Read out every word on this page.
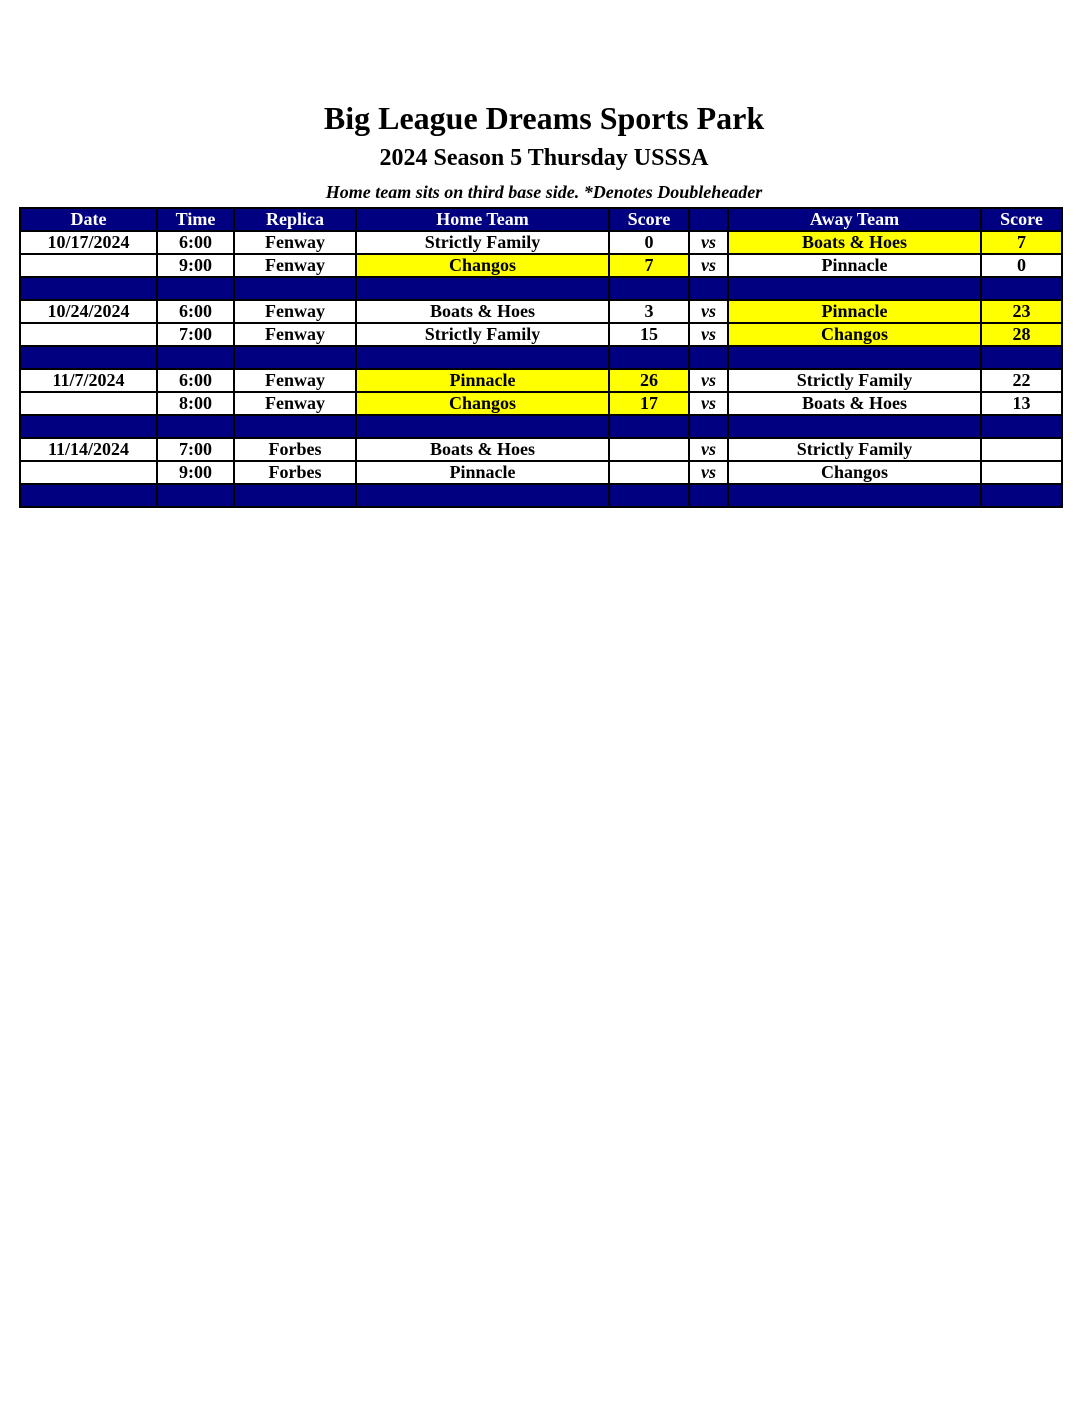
Big League Dreams Sports Park
2024 Season 5 Thursday USSSA
Home team sits on third base side. *Denotes Doubleheader
Date	Time	Replica	Home Team	Score		Away Team	Score
10/17/2024	6:00	Fenway	Strictly Family	0	vs	Boats & Hoes	7
	9:00	Fenway	Changos	7	vs	Pinnacle	0

10/24/2024	6:00	Fenway	Boats & Hoes	3	vs	Pinnacle	23
	7:00	Fenway	Strictly Family	15	vs	Changos	28

11/7/2024	6:00	Fenway	Pinnacle	26	vs	Strictly Family	22
	8:00	Fenway	Changos	17	vs	Boats & Hoes	13

11/14/2024	7:00	Forbes	Boats & Hoes		vs	Strictly Family	
	9:00	Forbes	Pinnacle		vs	Changos	
